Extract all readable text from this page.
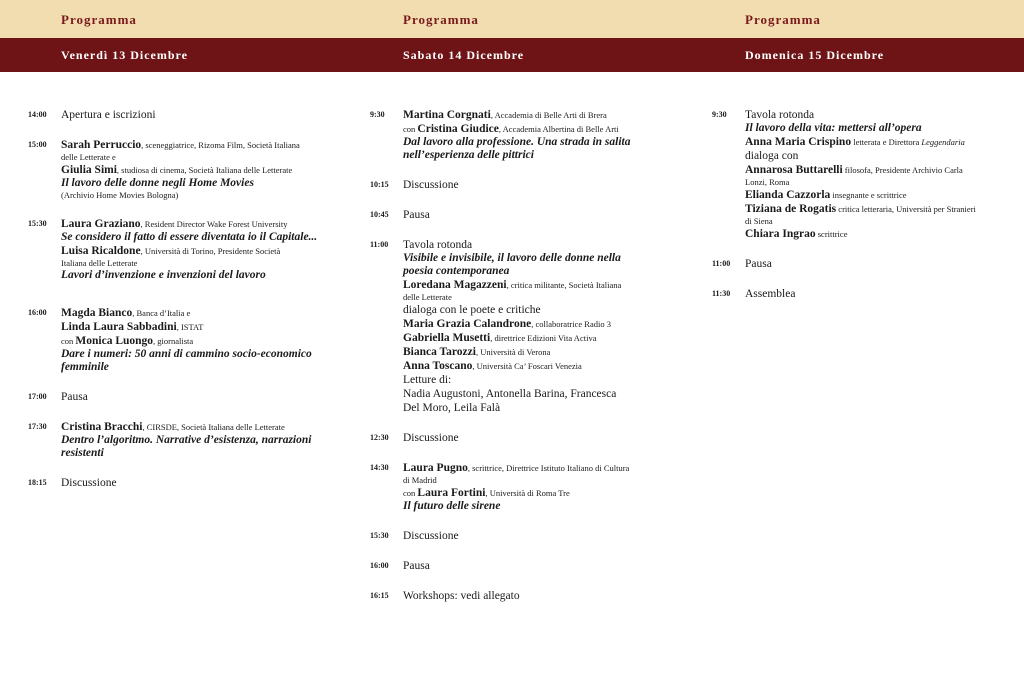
Programma
Venerdì 13 Dicembre
14:00	Apertura e iscrizioni
15:00	Sarah Perruccio, sceneggiatrice, Rizoma Film, Società Italiana
delle Letterate e
Giulia Simi, studiosa di cinema, Società Italiana delle Letterate
Il lavoro delle donne negli Home Movies
(Archivio Home Movies Bologna)
15:30	Laura Graziano, Resident Director Wake Forest University
Se considero il fatto di essere diventata io il Capitale...
Luisa Ricaldone, Università di Torino, Presidente Società
Italiana delle Letterate
Lavori d’invenzione e invenzioni del lavoro
16:00	Magda Bianco, Banca d’Italia e
Linda Laura Sabbadini, ISTAT
con Monica Luongo, giornalista
Dare i numeri: 50 anni di cammino socio-economico
femminile
17:00	Pausa
17:30	Cristina Bracchi, CIRSDE, Società Italiana delle Letterate
Dentro l’algoritmo. Narrative d’esistenza, narrazioni
resistenti
18:15	Discussione
Programma
Sabato 14 Dicembre
9:30	Martina Corgnati, Accademia di Belle Arti di Brera
con Cristina Giudice, Accademia Albertina di Belle Arti
Dal lavoro alla professione. Una strada in salita
nell’esperienza delle pittrici
10:15	Discussione
10:45	Pausa
11:00	Tavola rotonda
Visibile e invisibile, il lavoro delle donne nella
poesia contemporanea
Loredana Magazzeni, critica militante, Società Italiana
delle Letterate
dialoga con le poete e critiche
Maria Grazia Calandrone, collaboratrice Radio 3
Gabriella Musetti, direttrice Edizioni Vita Activa
Bianca Tarozzi, Università di Verona
Anna Toscano, Università Ca’ Foscari Venezia
Letture di:
Nadia Augustoni, Antonella Barina, Francesca
Del Moro, Leila Falà
12:30	Discussione
14:30	Laura Pugno, scrittrice, Direttrice Istituto Italiano di Cultura
di Madrid
con Laura Fortini, Università di Roma Tre
Il futuro delle sirene
15:30	Discussione
16:00	Pausa
16:15	Workshops: vedi allegato
Programma
Domenica 15 Dicembre
9:30	Tavola rotonda
Il lavoro della vita: mettersi all’opera
Anna Maria Crispino letterata e Direttora Leggendaria
dialoga con
Annarosa Buttarelli filosofa, Presidente Archivio Carla
Lonzi, Roma
Elianda Cazzorla insegnante e scrittrice
Tiziana de Rogatis critica letteraria, Università per Stranieri
di Siena
Chiara Ingrao scrittrice
11:00	Pausa
11:30	Assemblea
